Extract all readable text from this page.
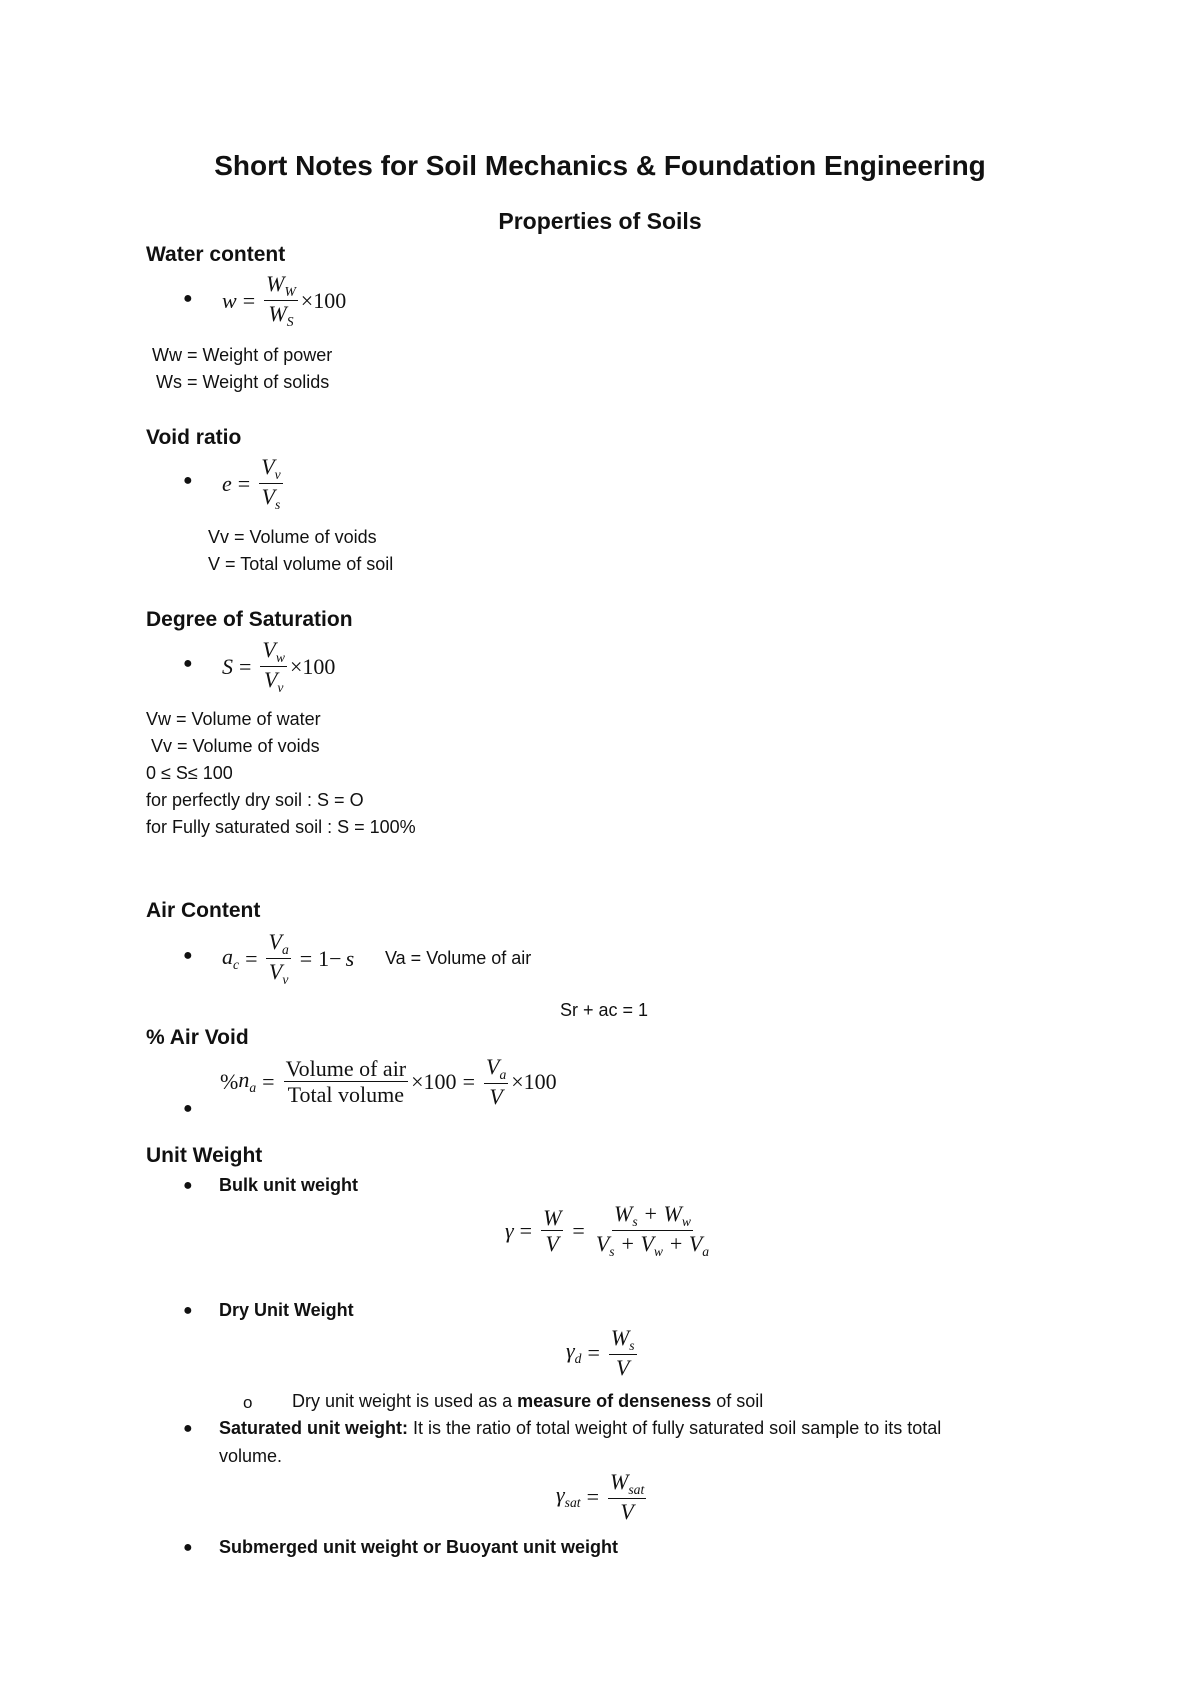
Short Notes for Soil Mechanics & Foundation Engineering
Properties of Soils
Water content
● $w = \frac{W_W}{W_S} \times 100$
Ww = Weight of power
Ws = Weight of solids
Void ratio
● $e = \frac{V_v}{V_s}$
Vv = Volume of voids
V = Total volume of soil
Degree of Saturation
● $S = \frac{V_w}{V_v} \times 100$
Vw = Volume of water
Vv = Volume of voids
0 ≤ S≤ 100
for perfectly dry soil : S = O
for Fully saturated soil : S = 100%
Air Content
● $a_c = \frac{V_a}{V_v} = 1- s$ Va = Volume of air
Sr + ac = 1
% Air Void
●
% $n_a = \frac{\text{Volume of air}}{\text{Total volume}} \times 100 = \frac{V_a}{V} \times 100$
Unit Weight
● Bulk unit weight
$\gamma = \frac{W}{V} = \frac{W_s + W_w}{V_s + V_w + V_a}$
● Dry Unit Weight
$\gamma_d = \frac{W_s}{V}$
o Dry unit weight is used as a measure of denseness of soil
● Saturated unit weight: It is the ratio of total weight of fully saturated soil sample to its total
volume.
$\gamma_{sat} = \frac{W_{sat}}{V}$
● Submerged unit weight or Buoyant unit weight
